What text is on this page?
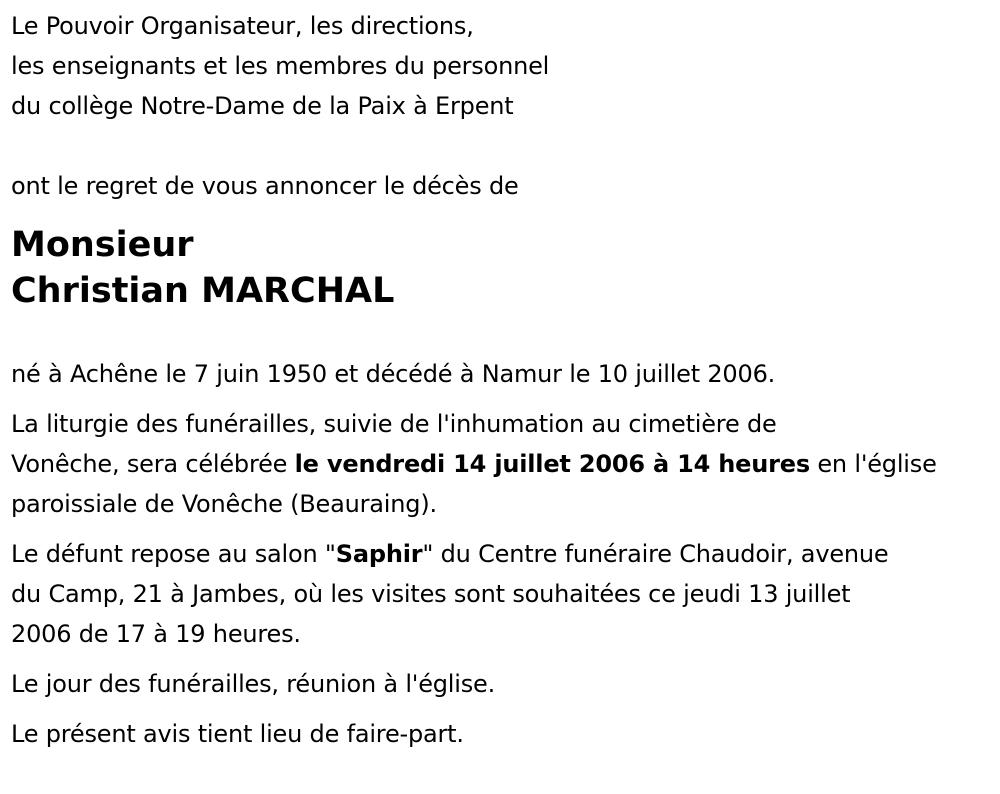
Le Pouvoir Organisateur, les directions,

les enseignants et les membres du personnel

du collège Notre-Dame de la Paix à Erpent

ont le regret de vous annoncer le décès de

Monsieur

Christian MARCHAL

né à Achêne le 7 juin 1950 et décédé à Namur le 10 juillet 2006.

La liturgie des funérailles, suivie de l'inhumation au cimetière de
Vonêche, sera célébrée le vendredi 14 juillet 2006 à 14 heures en l'église
paroissiale de Vonêche (Beauraing).

Le défunt repose au salon "Saphir" du Centre funéraire Chaudoir, avenue
du Camp, 21 à Jambes, où les visites sont souhaitées ce jeudi 13 juillet
2006 de 17 à 19 heures.

Le jour des funérailles, réunion à l'église.

Le présent avis tient lieu de faire-part.
